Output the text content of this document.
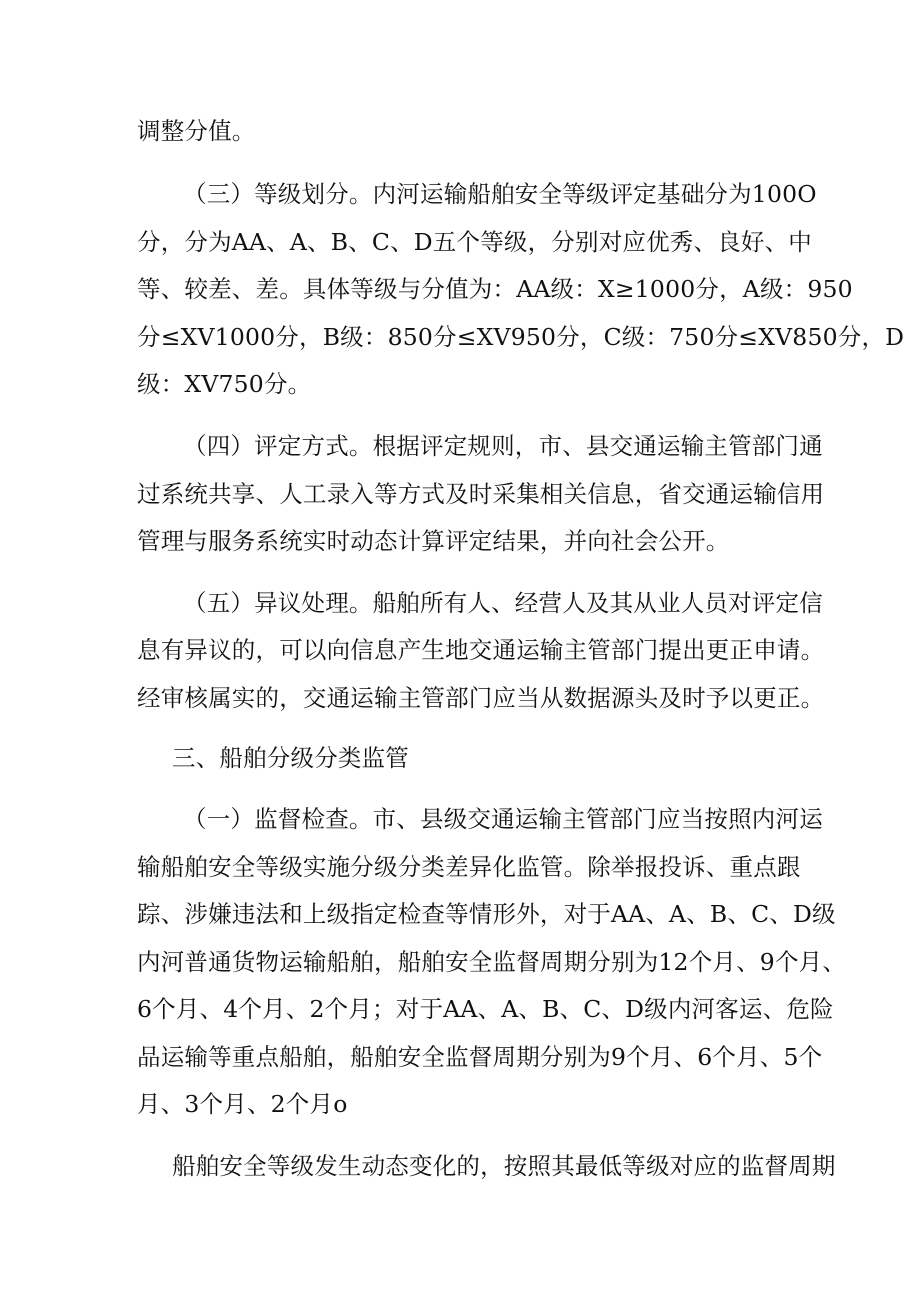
调整分值。
（三）等级划分。内河运输船舶安全等级评定基础分为100O
分，分为AA、A、B、C、D五个等级，分别对应优秀、良好、中
等、较差、差。具体等级与分值为：AA级：X≥1000分，A级：950
分≤XV1000分，B级：850分≤XV950分，C级：750分≤XV850分，D
级：XV750分。
（四）评定方式。根据评定规则，市、县交通运输主管部门通
过系统共享、人工录入等方式及时采集相关信息，省交通运输信用
管理与服务系统实时动态计算评定结果，并向社会公开。
（五）异议处理。船舶所有人、经营人及其从业人员对评定信
息有异议的，可以向信息产生地交通运输主管部门提出更正申请。
经审核属实的，交通运输主管部门应当从数据源头及时予以更正。
三、船舶分级分类监管
（一）监督检查。市、县级交通运输主管部门应当按照内河运
输船舶安全等级实施分级分类差异化监管。除举报投诉、重点跟
踪、涉嫌违法和上级指定检查等情形外，对于AA、A、B、C、D级
内河普通货物运输船舶，船舶安全监督周期分别为12个月、9个月、
6个月、4个月、2个月；对于AA、A、B、C、D级内河客运、危险
品运输等重点船舶，船舶安全监督周期分别为9个月、6个月、5个
月、3个月、2个月o
船舶安全等级发生动态变化的，按照其最低等级对应的监督周期
